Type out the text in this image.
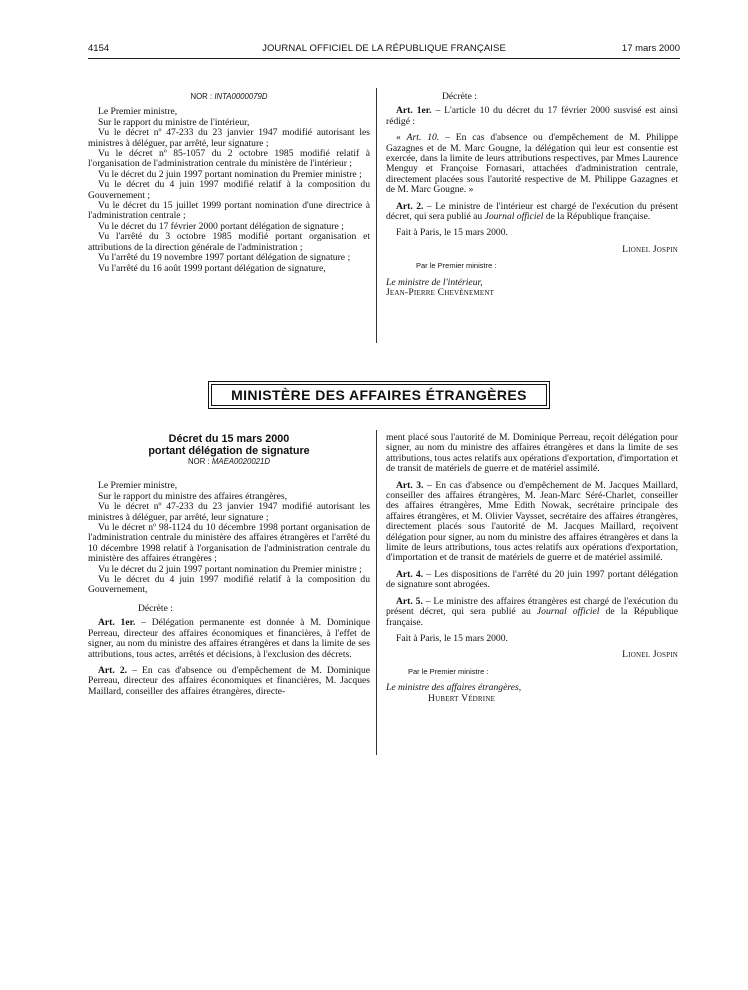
4154	JOURNAL OFFICIEL DE LA RÉPUBLIQUE FRANÇAISE	17 mars 2000

NOR : INTA0000079D

Le Premier ministre,

Sur le rapport du ministre de l'intérieur,

Vu le décret nº 47-233 du 23 janvier 1947 modifié autorisant les ministres à déléguer, par arrêté, leur signature ;

Vu le décret nº 85-1057 du 2 octobre 1985 modifié relatif à l'organisation de l'administration centrale du ministère de l'intérieur ;

Vu le décret du 2 juin 1997 portant nomination du Premier ministre ;

Vu le décret du 4 juin 1997 modifié relatif à la composition du Gouvernement ;

Vu le décret du 15 juillet 1999 portant nomination d'une directrice à l'administration centrale ;

Vu le décret du 17 février 2000 portant délégation de signature ;

Vu l'arrêté du 3 octobre 1985 modifié portant organisation et attributions de la direction générale de l'administration ;

Vu l'arrêté du 19 novembre 1997 portant délégation de signature ;

Vu l'arrêté du 16 août 1999 portant délégation de signature,

Décrète :

Art. 1er. – L'article 10 du décret du 17 février 2000 susvisé est ainsi rédigé :

« Art. 10. – En cas d'absence ou d'empêchement de M. Philippe Gazagnes et de M. Marc Gougne, la délégation qui leur est consentie est exercée, dans la limite de leurs attributions respectives, par Mmes Laurence Menguy et Françoise Fornasari, attachées d'administration centrale, directement placées sous l'autorité respective de M. Philippe Gazagnes et de M. Marc Gougne. »

Art. 2. – Le ministre de l'intérieur est chargé de l'exécution du présent décret, qui sera publié au Journal officiel de la République française.

Fait à Paris, le 15 mars 2000.

Lionel Jospin

Par le Premier ministre :

Le ministre de l'intérieur,

Jean-Pierre Chevènement

MINISTÈRE DES AFFAIRES ÉTRANGÈRES

Décret du 15 mars 2000

portant délégation de signature

NOR : MAEA0020021D

Le Premier ministre,

Sur le rapport du ministre des affaires étrangères,

Vu le décret nº 47-233 du 23 janvier 1947 modifié autorisant les ministres à déléguer, par arrêté, leur signature ;

Vu le décret nº 98-1124 du 10 décembre 1998 portant organisation de l'administration centrale du ministère des affaires étrangères et l'arrêté du 10 décembre 1998 relatif à l'organisation de l'administration centrale du ministère des affaires étrangères ;

Vu le décret du 2 juin 1997 portant nomination du Premier ministre ;

Vu le décret du 4 juin 1997 modifié relatif à la composition du Gouvernement,

Décrète :

Art. 1er. – Délégation permanente est donnée à M. Dominique Perreau, directeur des affaires économiques et financières, à l'effet de signer, au nom du ministre des affaires étrangères et dans la limite de ses attributions, tous actes, arrêtés et décisions, à l'exclusion des décrets.

Art. 2. – En cas d'absence ou d'empêchement de M. Dominique Perreau, directeur des affaires économiques et financières, M. Jacques Maillard, conseiller des affaires étrangères, directe-

ment placé sous l'autorité de M. Dominique Perreau, reçoit délégation pour signer, au nom du ministre des affaires étrangères et dans la limite de ses attributions, tous actes relatifs aux opérations d'exportation, d'importation et de transit de matériels de guerre et de matériel assimilé.

Art. 3. – En cas d'absence ou d'empêchement de M. Jacques Maillard, conseiller des affaires étrangères, M. Jean-Marc Séré-Charlet, conseiller des affaires étrangères, Mme Edith Nowak, secrétaire principale des affaires étrangères, et M. Olivier Vaysset, secrétaire des affaires étrangères, directement placés sous l'autorité de M. Jacques Maillard, reçoivent délégation pour signer, au nom du ministre des affaires étrangères et dans la limite de leurs attributions, tous actes relatifs aux opérations d'exportation, d'importation et de transit de matériels de guerre et de matériel assimilé.

Art. 4. – Les dispositions de l'arrêté du 20 juin 1997 portant délégation de signature sont abrogées.

Art. 5. – Le ministre des affaires étrangères est chargé de l'exécution du présent décret, qui sera publié au Journal officiel de la République française.

Fait à Paris, le 15 mars 2000.

Lionel Jospin

Par le Premier ministre :

Le ministre des affaires étrangères,

Hubert Védrine
